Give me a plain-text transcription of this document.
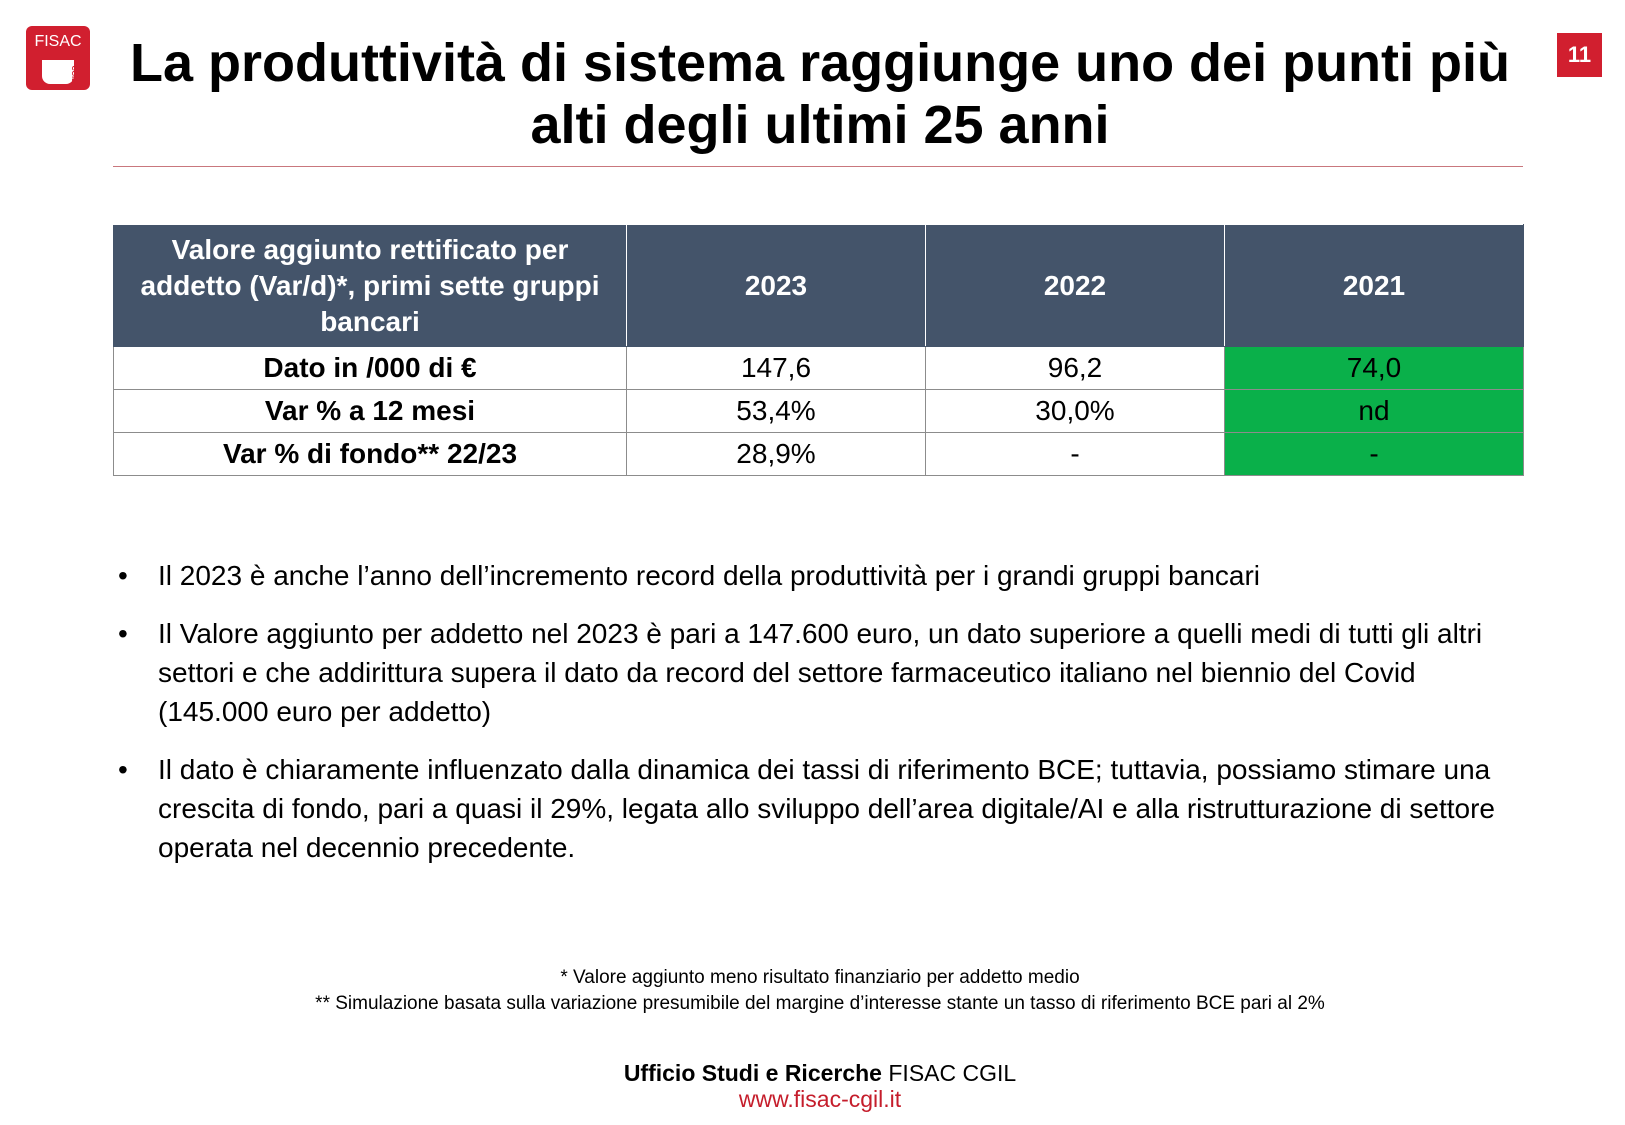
FISAC
CGIL
11
La produttività di sistema raggiunge uno dei punti più alti degli ultimi 25 anni
Valore aggiunto rettificato per addetto (Var/d)*, primi sette gruppi bancari	2023	2022	2021
Dato in /000 di €	147,6	96,2	74,0
Var % a 12 mesi	53,4%	30,0%	nd
Var % di fondo** 22/23	28,9%	-	-
• Il 2023 è anche l’anno dell’incremento record della produttività per i grandi gruppi bancari
• Il Valore aggiunto per addetto nel 2023 è pari a 147.600 euro, un dato superiore a quelli medi di tutti gli altri settori e che addirittura supera il dato da record del settore farmaceutico italiano nel biennio del Covid (145.000 euro per addetto)
• Il dato è chiaramente influenzato dalla dinamica dei tassi di riferimento BCE; tuttavia, possiamo stimare una crescita di fondo, pari a quasi il 29%, legata allo sviluppo dell’area digitale/AI e alla ristrutturazione di settore operata nel decennio precedente.
* Valore aggiunto meno risultato finanziario per addetto medio
** Simulazione basata sulla variazione presumibile del margine d’interesse stante un tasso di riferimento BCE pari al 2%
Ufficio Studi e Ricerche FISAC CGIL
www.fisac-cgil.it
